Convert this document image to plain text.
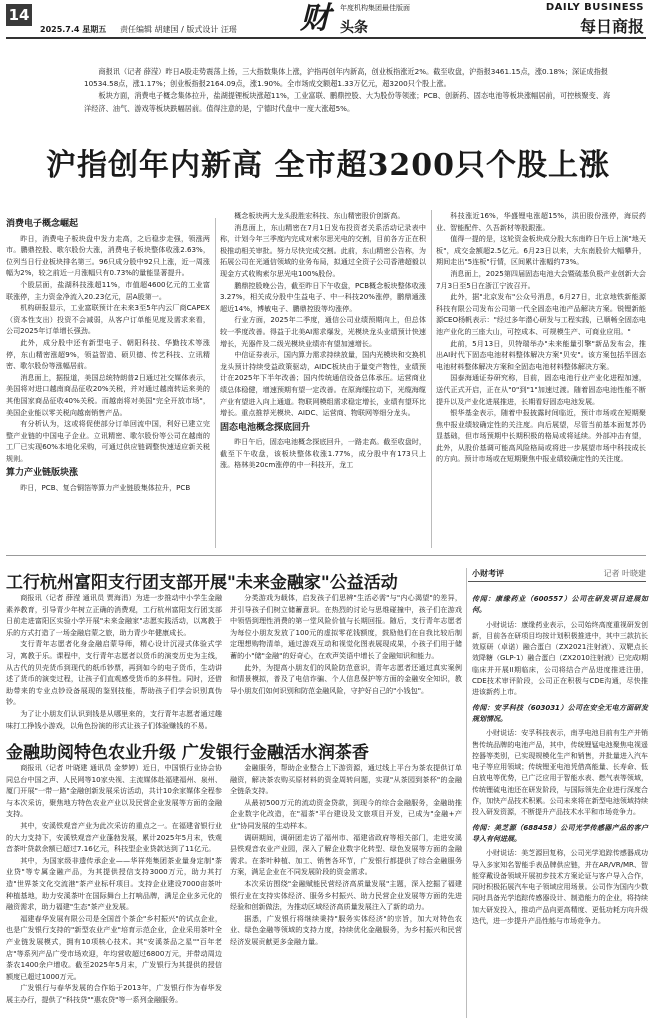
14
2025.7.4 星期五 责任编辑 胡建国 / 版式设计 汪瑶 财 年度机构集团最佳版面
头条
DAILY BUSINESS
每日商报

商报讯（记者 薛滢）昨日A股走势震荡上扬，三大指数集体上涨，沪指再创年内新高，创业板指涨近2%。截至收盘，沪指报3461.15点，涨0.18%；深证成指报10534.58点，涨1.17%；创业板指报2164.09点，涨1.90%。全市场成交额超1.33万亿元，超3200只个股上涨。

板块方面，消费电子概念集体拉升，盐湖提锂板块涨超11%，工业富联、鹏鼎控股、大为股份等领涨；PCB、创新药、固态电池等板块涨幅居前，可控核聚变、海洋经济、油气、游戏等板块跌幅居前。值得注意的是，宁德时代盘中一度大涨超5%。

沪指创年内新高 全市超3200只个股上涨
消费电子概念崛起

昨日，消费电子板块盘中发力走高，之后稳步走强，领涨两市。鹏鼎控股、歌尔股份大涨，消费电子板块整体收涨2.63%，位列当日行业板块排名第三。96只成分股中92只上涨，近一周涨幅为2%，较之前近一月涨幅只有0.73%的量能显著提升。

个股层面，盐湖科技涨超11%，市值超4600亿元的工业富联涨停，主力资金净流入20.23亿元，居A股第一。

机构研报显示，工业富联预计在未来3至5年内云厂商CAPEX（资本性支出）投资不会减弱，从客户订单能见度及需求来看，公司2025年订单增长强劲。

此外，成分股中还有新型电子、朝阳科技、华勤技术等涨停，东山精密涨超9%，领益智造、硕贝德、传艺科技、立讯精密、歌尔股份等涨幅居前。

消息面上，据报道，美国总统特朗普2日通过社交媒体表示，美国将对进口越南商品征收20%关税，并对通过越南转运来美的其他国家商品征收40%关税。而越南将对美国"完全开放市场"，美国企业能以零关税向越南销售产品。

有分析认为，这或将促使部分订单回流中国，利好已建立完整产业链的中国电子企业。立讯精密、歌尔股份等公司在越南的工厂已实现60%本地化采购，可通过供应链调整快速适应新关税规则。

算力产业链版块涨

昨日，PCB、复合铜箔等算力产业链股集体拉升，PCB

概念板块两大龙头股胜宏科技、东山精密股价创新高。

消息面上，东山精密在7月1日发布投资者关系活动记录表中称，计划今年三季度内完成对索尔思光电的交割，目前各方正在积极推动相关审批。努力尽快完成交割。此前，东山精密公告称，为拓展公司在光通信领域的业务布局，拟通过全资子公司香港超毅以现金方式收购索尔思光电100%股份。

鹏鼎控股晚公告，截至昨日下午收盘，PCB概念板块整体收涨3.27%，相关成分股中生益电子、中一科技20%涨停，鹏鼎通涨超近14%，博敏电子、鹏鼎控股等均涨停。

行业方面，2025年二季度，通信公司业绩预期向上，但总体较一季度改善。得益于北美AI需求爆发，光模块龙头业绩预计快速增长，光器件及二级光模块业绩亦有望加速增长。

中信证券表示，国内算力需求持续放量，国内光模块和交换机龙头预计持续受益政策驱动，AIDC板块由于量变产物性，业绩预计在2025年下半年改善；国内传统通信设备总体承压。运营商业绩总体稳健，增速预期有望一定改善。在原海缆拉动下，光缆海缆产业有望进入向上通道。物联网模组需求稳定增长，业绩有望环比增长。重点推荐光模块、AIDC、运营商、物联网等细分龙头。

固态电池概念探底回升

昨日午后，固态电池概念探底回升，一路走高。截至收盘时，截至下午收盘，该板块整体收涨1.77%，成分股中有173只上涨。格林美20cm涨停的中一科技开，龙工

科技涨近16%，华盛锂电涨超15%，洪田股份涨停，海辰药业、智能配件、久吾新材等股跟涨。

值得一提的是，这轮资金板块成分股大东南昨日午后上演"地天板"，成交金额超2.5亿元。6月23日以来，大东南股价大幅攀升，期间走出"5连板"行情，区间累计涨幅约73%。

消息面上，2025第四届固态电池大会暨硫基负极产业创新大会7月3日至5日在浙江宁波召开。

此外，据"北京发布"公众号消息，6月27日，北京地铁新能源科技有限公司发布公司第一代全固态电池产品解决方案。锐锂新能源CEO杨帆表示："经过多年潜心研发与工程实践，已顺畅全固态电池产业化的三座大山，可控成本、可规模生产、可商业应用。"

此前，5月13日，贝特瑞举办"未来能量引擎"新品发布会，推出AI时代下固态电池材料整体解决方案"贝安"。该方案包括半固态电池材料整体解决方案和全固态电池材料整体解决方案。

国泰海通证券研究称，目前，固态电池行业产业化进程加速，送代正式开启，正在从"0"到"1"加速过渡。随着固态电池性能不断提升以及产业化进展推进，长期看好固态电池发展。

银华基金表示，随着中报披露时间临近，预计市场或在短期聚焦中报业绩较确定性的关注度。向后展望，尽管当前基本面复苏仍显基础，但市场预期中长期积极的格局或将延续。外部冲击有望，此外，从股价基调可能高风险格局或将进一步展望市场中科技成长的方向。预计市场或在短期聚焦中报业绩较确定性的关注度。

工行杭州富阳支行团支部开展"未来金融家"公益活动

商报讯（记者 薛滢 通讯员 贾海涓）为进一步推动中小学生金融素养教育，引导青少年树立正确的消费观，工行杭州富阳支行团支部日前走进富阳区实验小学开展"未来金融家"志愿实践活动，以寓教于乐的方式打造了一场金融启蒙之旅，助力青少年健康成长。

支行青年志愿者化身金融启蒙导师，精心设计沉浸式体验式学习，寓教于乐。课程中，支行青年志愿者以货币的演变历史为主线，从古代的贝壳货币到现代的纸币钞票，再到如今的电子货币，生动讲述了货币的演变过程，让孩子们直观感受货币的多样性。同时，还借助带来的专业点钞设备展现的鉴别技能，帮助孩子们学会识别真伪钞。

为了让小朋友们认识到钱是从哪里来的，支行青年志愿者通过趣味打工挣钱小游戏，以角色扮演的形式让孩子们体验赚钱的不易。

分类游戏为载体，启发孩子们思辨"生活必需"与"内心渴望"的差异，并引导孩子们树立储蓄意识。在热烈的讨论与思维碰撞中，孩子们在游戏中领悟到理性消费的第一堂风险价值与长期回报。随后，支行青年志愿者为每位小朋友发放了100元的虚拟零花钱额度，鼓励他们在自我比较后制定理想购物清单，通过游戏互动和视觉化图表展现成果，小孩子们用于储蓄的小"储"金融"的好奇心，在欢声笑语中增长了金融知识和能力。

此外，为提高小朋友们的风险防范意识，青年志愿者还通过真实案例和情景模拟，普及了电信诈骗、个人信息保护等方面的金融安全知识，教导小朋友们如何识别和防范金融风险，守护好自己的"小钱包"。

金融助阅特色农业升级 广发银行金融活水润茶香

商报讯（记者 叶晓建 通讯员 金梦婷）近日，中国银行业协会协同总台中国之声、人民网等10家央视、主流媒体赴福建福州、泉州、厦门开展"一带一路"金融创新发展采访活动，共计10余家媒体全程参与本次采访，聚焦地方特色农业产业以及民营企业发展等方面的金融支持。

其中，安溪铁观音产业为此次采访的重点之一。在福建省银行业的大力支持下，安溪铁观音产业蓬勃发展，累计2025年5月末，铁观音茶叶贷款余额已超过7.16亿元，科技型企业贷款达到了11亿元。

其中，为国家级非遗传承企业——华祥苑集团茶业量身定制"茶业贷"等专属金融产品，为其提供授信支持3000万元，助力其打造"世界茶文化交流港"茶产业标杆项目。支持企业建设7000亩茶叶种植基地，助力安溪茶叶在国际舞台上打响品牌，满足企业多元化的融资需求，助力福建"生态"茶产业发展。

福建春华发展有限公司是全国首个茶企"乡村振兴"的试点企业，也是广发银行支持的"新型农业产业"培育示范企业，企业采用茶叶全产业链发展模式，拥有10项核心技术。其"安溪茶品之星""百年老店"等系列产品广受市场欢迎，年均营收超过6800万元，并带动周边茶农1400余户增收。截至2025年5月末，广发银行为其提供的授信额度已超过1000万元。

广发银行与春华发展的合作始于2013年，广发银行作为春华发展主办行，提供了"科技贷""惠农贷"等一系列金融服务。

金融服务，帮助企业整合上下游资源，通过线上平台为茶农提供订单融资，解决茶农购买原材料的资金周转问题，实现"从茶园到茶杯"的金融全链条支持。

从最初500万元的流动资金贷款，到现今的综合金融服务，金融助推企业数字化改造，在"福茶"平台建设及文旅项目开发，已成为"金融+产业"协同发展的生动样本。

调研期间，调研团走访了福州市、福建省政府等相关部门，走进安溪县铁观音农业产业园，深入了解企业数字化转型、绿色发展等方面的金融需求。在茶叶种植、加工、销售各环节，广发银行都提供了综合金融服务方案，满足企业在不同发展阶段的资金需求。

本次采访围绕"金融赋能民营经济高质量发展"主题，深入挖掘了福建银行业在支持实体经济、服务乡村振兴、助力民营企业发展等方面的先进经验和创新做法，为推动区域经济高质量发展注入了新的动力。

据悉，广发银行将继续秉持"服务实体经济"的宗旨，加大对特色农业、绿色金融等领域的支持力度，持续优化金融服务，为乡村振兴和民营经济发展贡献更多金融力量。

小财考评	记者 叶晓建

传闻：康缘药业（600557）公司在研发项目进展如何。

小财说话：康缘药业表示，公司始终高度重视研发创新，目前各在研项目均按计划积极推进中，其中三款抗长效原研（卓诺）融合蛋白（ZX2021注射液）、双靶点长效降糖（GLP-1）融合蛋白（ZX2010注射液）已完成I期临床并开展II期临床，公司将结合产品进度推进注册，CDE技术审评阶段，公司正在积极与CDE沟通，尽快推进该新药上市。

传闻：安孚科技（603031）公司在安全无电方面研发规划情况。

小财说话：安孚科技表示，南孚电池目前有生产并销售传统品牌的电池产品，其中，传统锂锰电池聚焦电视遥控器等类别，已实现规模化生产和销售，并批量进入汽车电子等应用领域；传统锂亚电池凭借高能量、长寿命、低自放电等优势，已广泛应用于智能水表、燃气表等领域，传统锂硫电池还在研发阶段，与国际领先企业进行深度合作，加快产品技术积累。公司未来将在新型电池领域持续投入研发资源，不断提升产品技术水平和市场竞争力。

传闻：美芝源（688458）公司光学传感器产品的客户导入有何进展。

小财说话：美芝源回复称，公司光学追踪传感器成功导入多家知名智能手表品牌供应链，并在AR/VR/MR、智能穿戴设备领域开展初步技术方案论证与客户导入合作，同时积极拓展汽车电子领域应用场景。公司作为国内少数同时具备光学追踪传感器设计、制造能力的企业，将持续加大研发投入，推动产品向更高精度、更低功耗方向升级迭代，进一步提升产品性能与市场竞争力。
